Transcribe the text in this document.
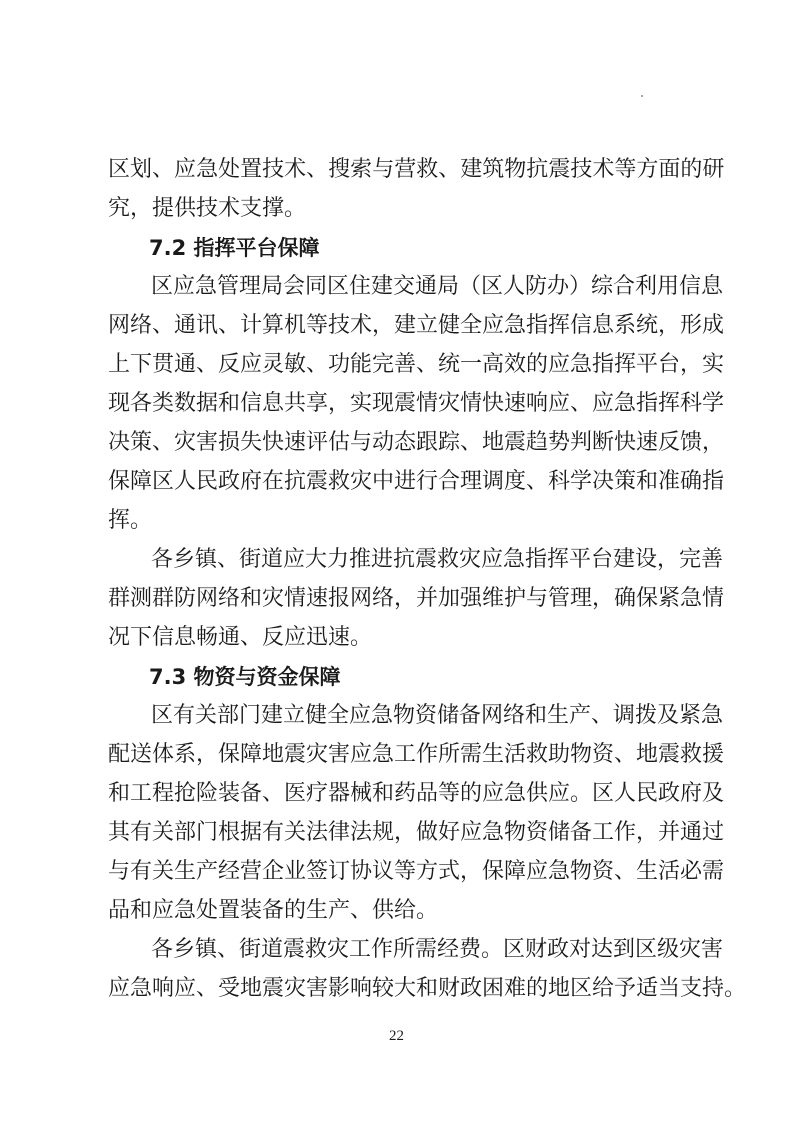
区 划 、 应 急 处 置 技 术 、 搜 索 与 营 救 、 建 筑 物 抗 震 技 术 等 方 面 的 研
究，提供技术支撑。
7.2 指挥平台保障
区应急管理局会同区住建交通局（区人防办）综合利用信息
网络、通讯、计算机等技术，建立健全应急指挥信息系统，形成
上下贯通、反应灵敏、功能完善、统一高效的应急指挥平台，实
现各类数据和信息共享，实现震情灾情快速响应、应急指挥科学
决策、灾害损失快速评估与动态跟踪、地震趋势判断快速反馈，
保障区人民政府在抗震救灾中进行合理调度、科学决策和准确指
挥。
各乡镇、街道应大力推进抗震救灾应急指挥平台建设，完善
群测群防网络和灾情速报网络，并加强维护与管理，确保紧急情
况下信息畅通、反应迅速。
7.3 物资与资金保障
区有关部门建立健全应急物资储备网络和生产、调拨及紧急
配送体系，保障地震灾害应急工作所需生活救助物资、地震救援
和工程抢险装备、医疗器械和药品等的应急供应。区人民政府及
其有关部门根据有关法律法规，做好应急物资储备工作，并通过
与有关生产经营企业签订协议等方式，保障应急物资、生活必需
品和应急处置装备的生产、供给。
各乡镇、街道震救灾工作所需经费。区财政对达到区级灾害
应急响应、受地震灾害影响较大和财政困难的地区给予适当支持。
22
